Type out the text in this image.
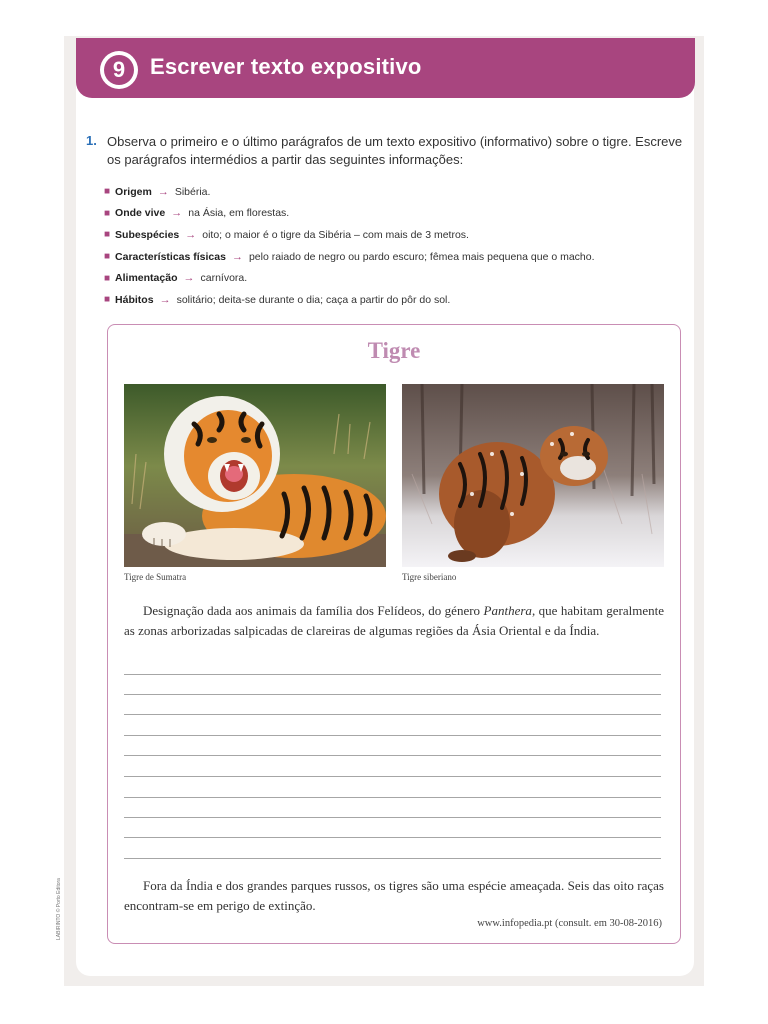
9	Escrever texto expositivo
1. Observa o primeiro e o último parágrafos de um texto expositivo (informativo) sobre o tigre. Escreve os parágrafos intermédios a partir das seguintes informações:
■ Origem → Sibéria.
■ Onde vive → na Ásia, em florestas.
■ Subespécies → oito; o maior é o tigre da Sibéria – com mais de 3 metros.
■ Características físicas → pelo raiado de negro ou pardo escuro; fêmea mais pequena que o macho.
■ Alimentação → carnívora.
■ Hábitos → solitário; deita-se durante o dia; caça a partir do pôr do sol.
Tigre
Tigre de Sumatra	Tigre siberiano
Designação dada aos animais da família dos Felídeos, do género Panthera, que habitam geralmente as zonas arborizadas salpicadas de clareiras de algumas regiões da Ásia Oriental e da Índia.
Fora da Índia e dos grandes parques russos, os tigres são uma espécie ameaçada. Seis das oito raças encontram-se em perigo de extinção.
www.infopedia.pt (consult. em 30-08-2016)
LABIRINTO © Porto Editora
